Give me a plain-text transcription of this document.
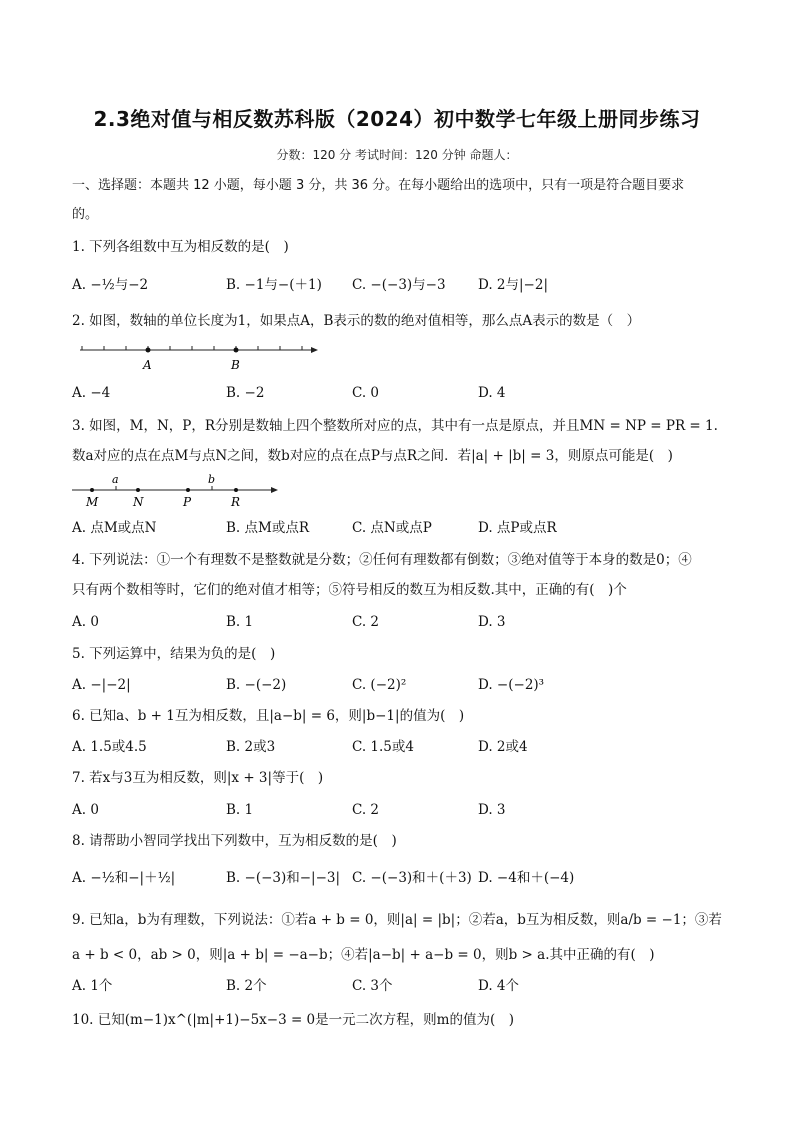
2.3绝对值与相反数苏科版（2024）初中数学七年级上册同步练习
分数：120 分 考试时间：120 分钟 命题人：
一、选择题：本题共 12 小题，每小题 3 分，共 36 分。在每小题给出的选项中，只有一项是符合题目要求
的。
1. 下列各组数中互为相反数的是(　)
A. −½与−2	B. −1与−(＋1) C. −(−3)与−3 D. 2与|−2|
2. 如图，数轴的单位长度为1，如果点A，B表示的数的绝对值相等，那么点A表示的数是（　）
A	B
A. −4	B. −2	C. 0	D. 4
3. 如图，M，N，P，R分别是数轴上四个整数所对应的点，其中有一点是原点，并且MN = NP = PR = 1.
数a对应的点在点M与点N之间，数b对应的点在点P与点R之间．若|a| + |b| = 3，则原点可能是(　)
M	N	P	R
a	b
A. 点M或点N	B. 点M或点R	C. 点N或点P	D. 点P或点R
4. 下列说法：①一个有理数不是整数就是分数；②任何有理数都有倒数；③绝对值等于本身的数是0；④
只有两个数相等时，它们的绝对值才相等；⑤符号相反的数互为相反数.其中，正确的有(　)个
A. 0	B. 1	C. 2	D. 3
5. 下列运算中，结果为负的是(　)
A. −|−2|	B. −(−2)	C. (−2)²	D. −(−2)³
6. 已知a、b + 1互为相反数，且|a−b| = 6，则|b−1|的值为(　)
A. 1.5或4.5	B. 2或3	C. 1.5或4	D. 2或4
7. 若x与3互为相反数，则|x + 3|等于(　)
A. 0	B. 1	C. 2	D. 3
8. 请帮助小智同学找出下列数中，互为相反数的是(　)
A. −½和−|＋½|	B. −(−3)和−|−3| C. −(−3)和＋(＋3) D. −4和＋(−4)
9. 已知a，b为有理数，下列说法：①若a + b = 0，则|a| = |b|；②若a，b互为相反数，则a/b = −1；③若
a + b < 0，ab > 0，则|a + b| = −a−b；④若|a−b| + a−b = 0，则b > a.其中正确的有(　)
A. 1个	B. 2个	C. 3个	D. 4个
10. 已知(m−1)x^(|m|+1)−5x−3 = 0是一元二次方程，则m的值为(　)
